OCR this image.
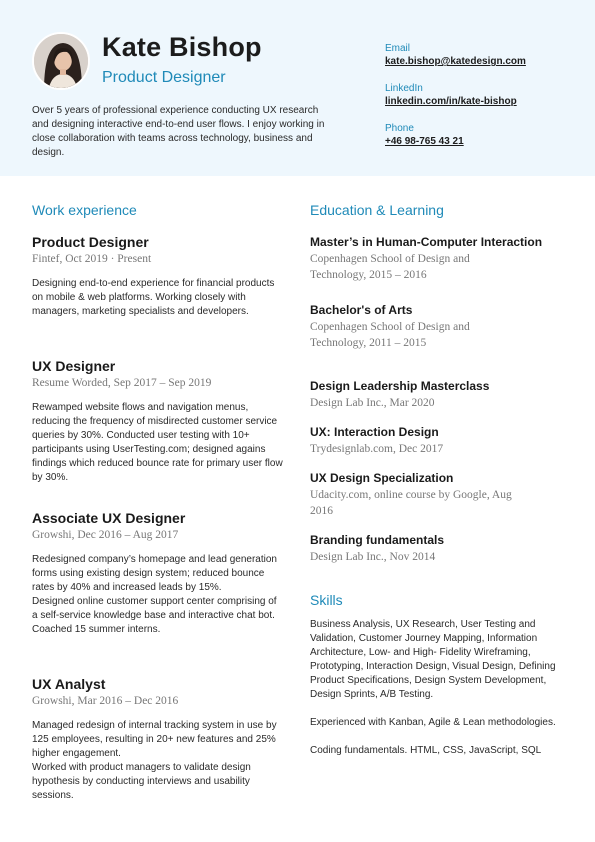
Kate Bishop
Product Designer
Over 5 years of professional experience conducting UX research and designing interactive end-to-end user flows. I enjoy working in close collaboration with teams across technology, business and design.
Email
kate.bishop@katedesign.com
LinkedIn
linkedin.com/in/kate-bishop
Phone
+46 98-765 43 21
Work experience
Product Designer
Fintef, Oct 2019 · Present
Designing end-to-end experience for financial products on mobile & web platforms. Working closely with managers, marketing specialists and developers.
UX Designer
Resume Worded, Sep 2017 – Sep 2019
Rewamped website flows and navigation menus, reducing the frequency of misdirected customer service queries by 30%. Conducted user testing with 10+ participants using UserTesting.com; designed agains findings which reduced bounce rate for primary user flow by 30%.
Associate UX Designer
Growshi, Dec 2016 – Aug 2017
Redesigned company’s homepage and lead generation forms using existing design system; reduced bounce rates by 40% and increased leads by 15%.
Designed online customer support center comprising of a self-service knowledge base and interactive chat bot. Coached 15 summer interns.
UX Analyst
Growshi, Mar 2016 – Dec 2016
Managed redesign of internal tracking system in use by 125 employees, resulting in 20+ new features and 25% higher engagement.
Worked with product managers to validate design hypothesis by conducting interviews and usability sessions.
Education & Learning
Master’s in Human-Computer Interaction
Copenhagen School of Design and Technology, 2015 – 2016
Bachelor's of Arts
Copenhagen School of Design and Technology, 2011 – 2015
Design Leadership Masterclass
Design Lab Inc., Mar 2020
UX: Interaction Design
Trydesignlab.com, Dec 2017
UX Design Specialization
Udacity.com, online course by Google, Aug 2016
Branding fundamentals
Design Lab Inc., Nov 2014
Skills

Business Analysis, UX Research, User Testing and Validation, Customer Journey Mapping, Information Architecture, Low- and High- Fidelity Wireframing, Prototyping, Interaction Design, Visual Design, Defining Product Specifications, Design System Development, Design Sprints, A/B Testing.

Experienced with Kanban, Agile & Lean methodologies.

Coding fundamentals. HTML, CSS, JavaScript, SQL
